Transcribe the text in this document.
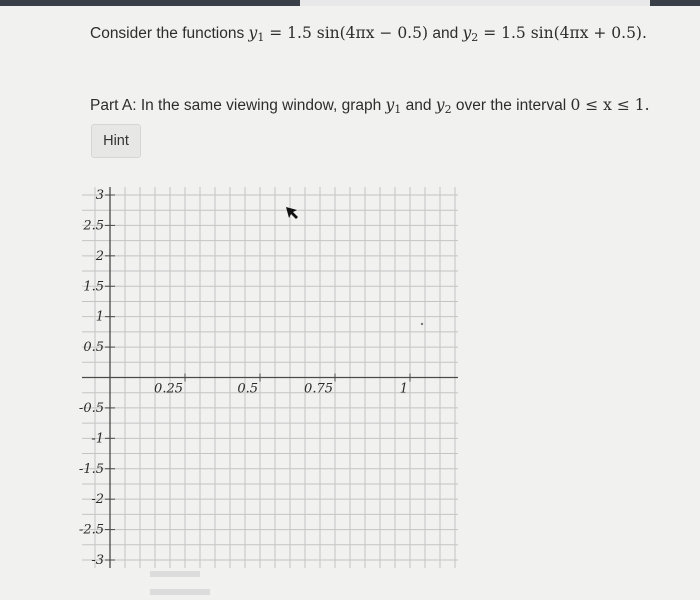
Consider the functions $y_1 = 1.5$ sin(4πx − 0.5) and $y_2 = 1.5$ sin(4πx + 0.5).
Part A: In the same viewing window, graph $y_1$ and $y_2$ over the interval 0 ≤ x ≤ 1.
Hint
3
2.5
2
1.5
1
0.5
-0.5
-1
-1.5
-2
-2.5
-3
0.25	0.5	0.75	1
